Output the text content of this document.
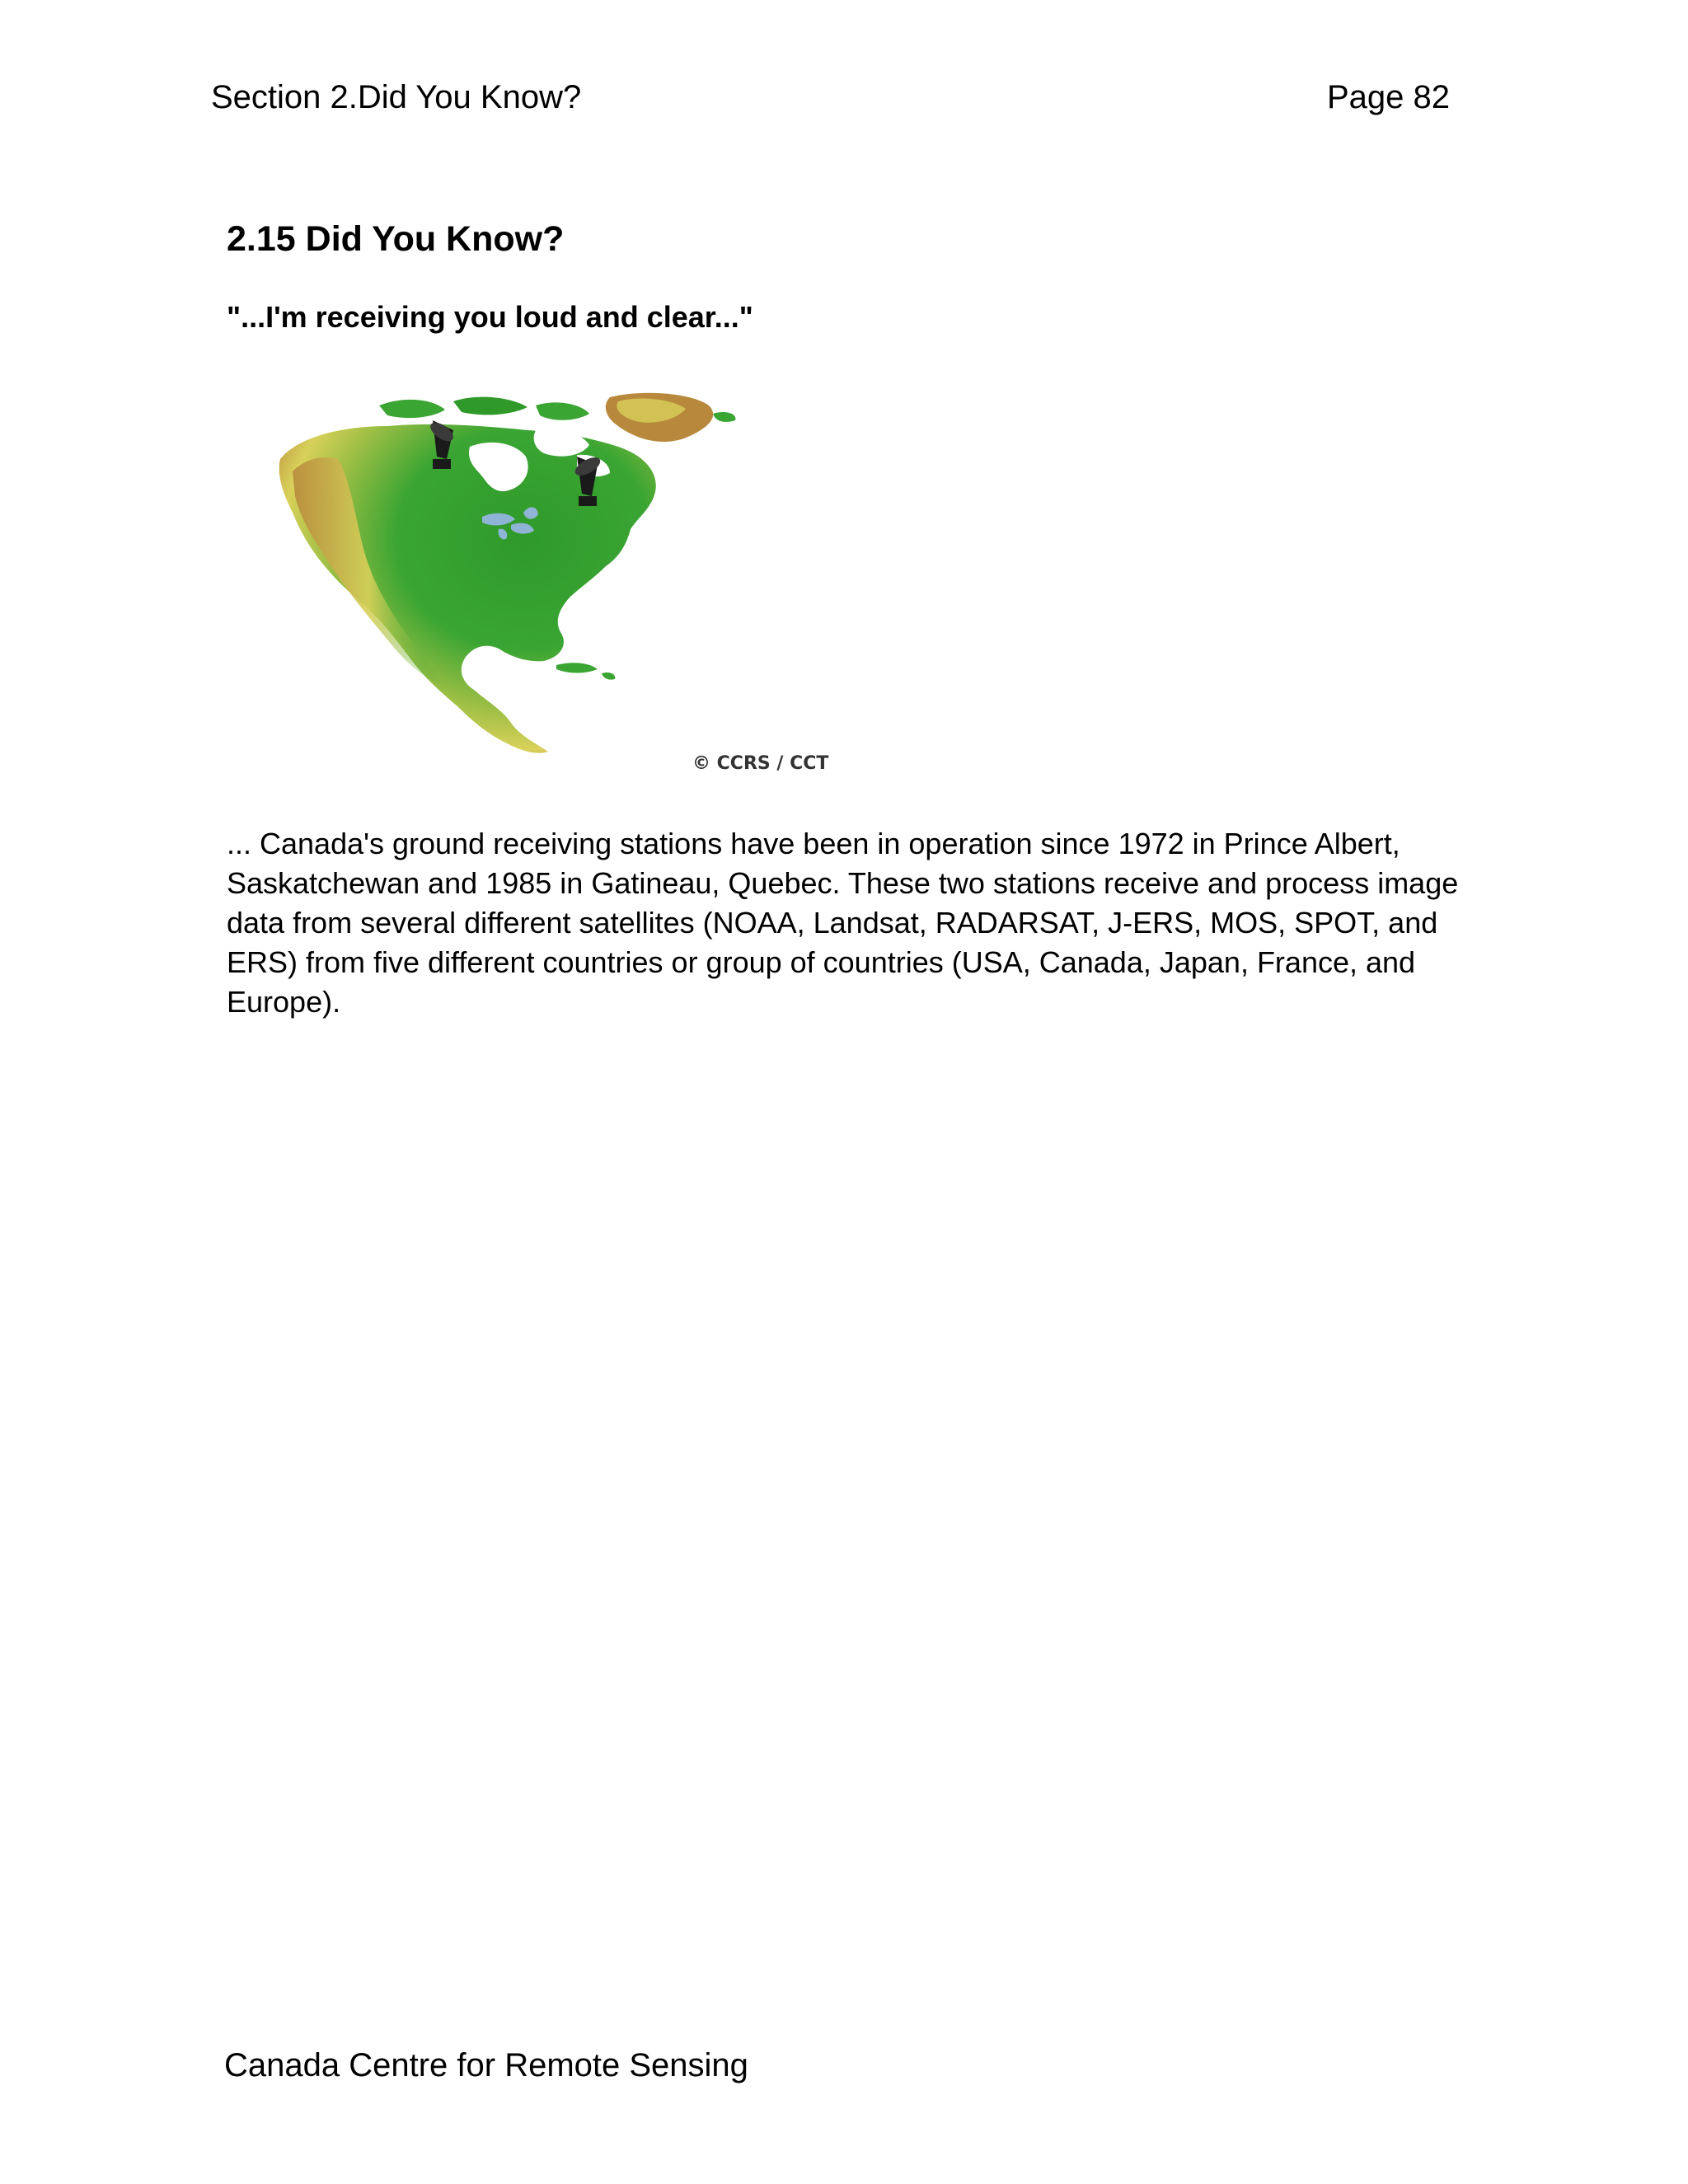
Section 2.Did You Know?	Page 82
2.15 Did You Know?
"...I'm receiving you loud and clear..."
© CCRS / CCT

... Canada's ground receiving stations have been in operation since 1972 in Prince Albert, Saskatchewan and 1985 in Gatineau, Quebec. These two stations receive and process image data from several different satellites (NOAA, Landsat, RADARSAT, J-ERS, MOS, SPOT, and ERS) from five different countries or group of countries (USA, Canada, Japan, France, and Europe).

Canada Centre for Remote Sensing
